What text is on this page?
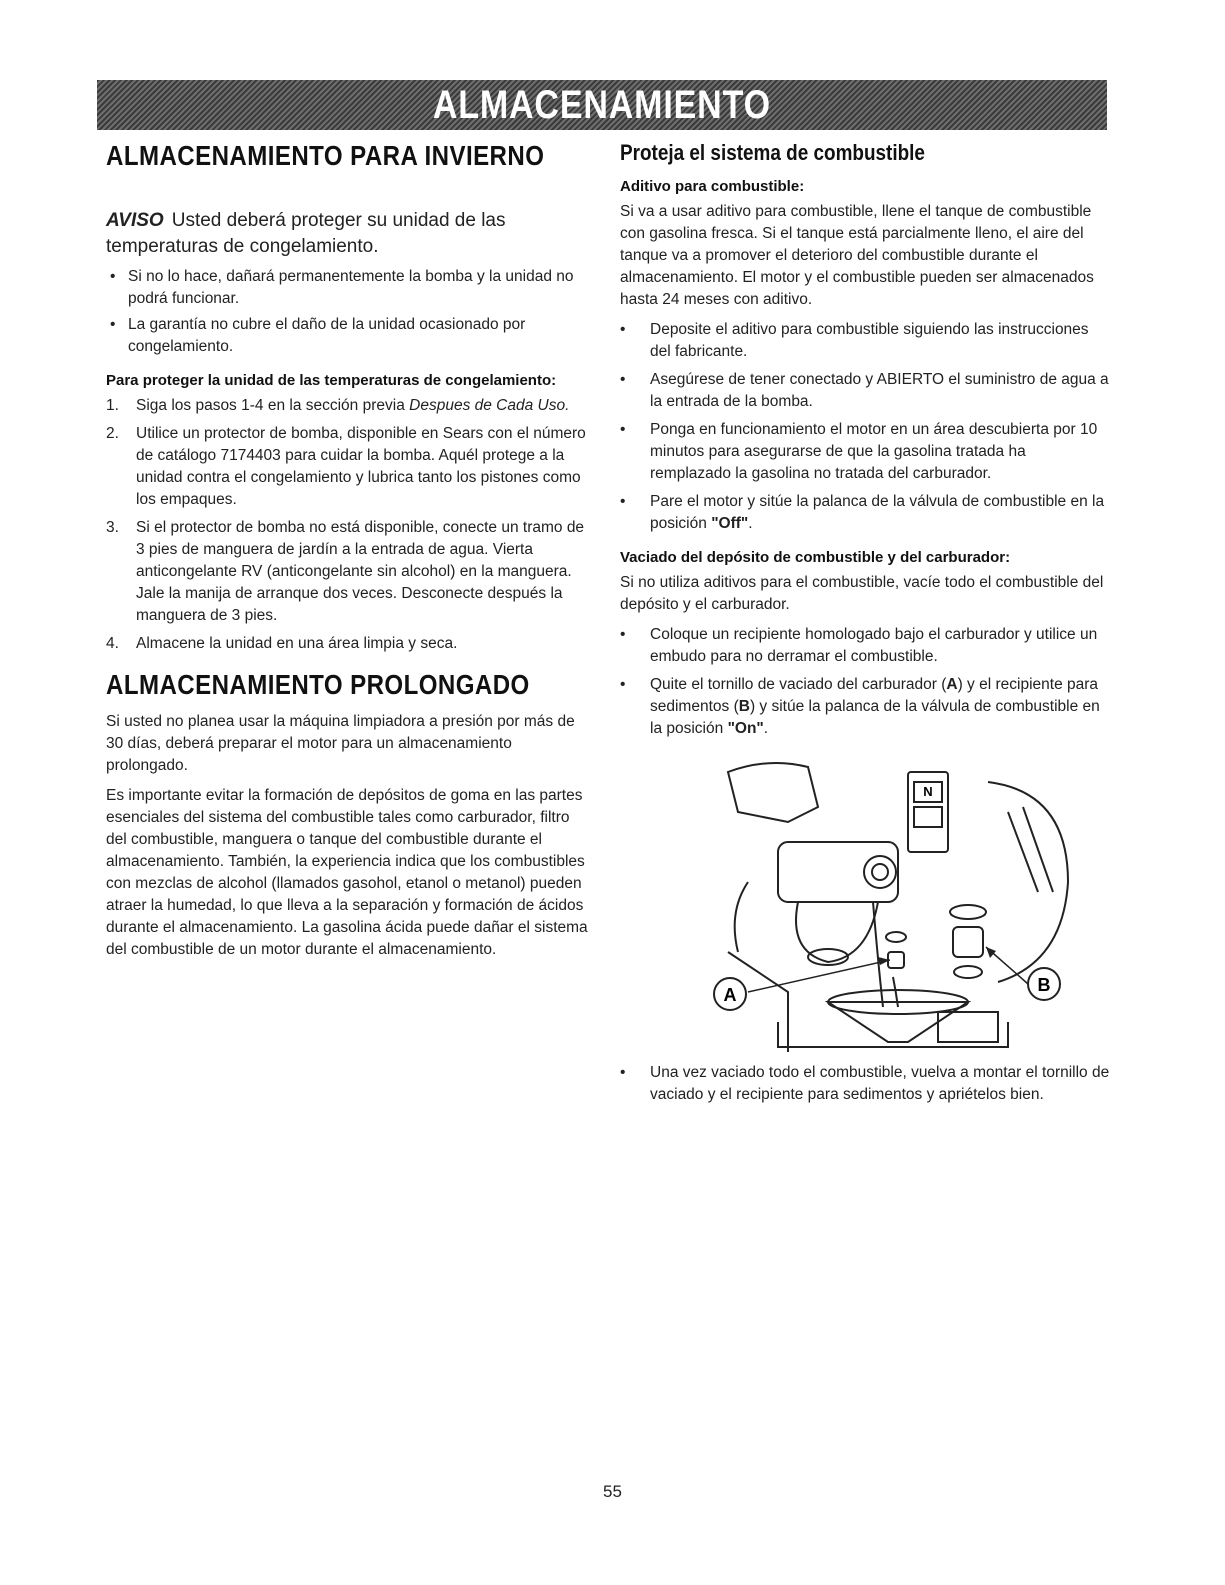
ALMACENAMIENTO
ALMACENAMIENTO PARA INVIERNO

AVISO Usted deberá proteger su unidad de las temperaturas de congelamiento.

• Si no lo hace, dañará permanentemente la bomba y la unidad no podrá funcionar.
• La garantía no cubre el daño de la unidad ocasionado por congelamiento.
Para proteger la unidad de las temperaturas de congelamiento:
1. Siga los pasos 1-4 en la sección previa Despues de Cada Uso.
2. Utilice un protector de bomba, disponible en Sears con el número de catálogo 7174403 para cuidar la bomba. Aquél protege a la unidad contra el congelamiento y lubrica tanto los pistones como los empaques.
3. Si el protector de bomba no está disponible, conecte un tramo de 3 pies de manguera de jardín a la entrada de agua. Vierta anticongelante RV (anticongelante sin alcohol) en la manguera. Jale la manija de arranque dos veces. Desconecte después la manguera de 3 pies.
4. Almacene la unidad en una área limpia y seca.
ALMACENAMIENTO PROLONGADO

Si usted no planea usar la máquina limpiadora a presión por más de 30 días, deberá preparar el motor para un almacenamiento prolongado.

Es importante evitar la formación de depósitos de goma en las partes esenciales del sistema del combustible tales como carburador, filtro del combustible, manguera o tanque del combustible durante el almacenamiento. También, la experiencia indica que los combustibles con mezclas de alcohol (llamados gasohol, etanol o metanol) pueden atraer la humedad, lo que lleva a la separación y formación de ácidos durante el almacenamiento. La gasolina ácida puede dañar el sistema del combustible de un motor durante el almacenamiento.

Proteja el sistema de combustible
Aditivo para combustible:

Si va a usar aditivo para combustible, llene el tanque de combustible con gasolina fresca. Si el tanque está parcialmente lleno, el aire del tanque va a promover el deterioro del combustible durante el almacenamiento. El motor y el combustible pueden ser almacenados hasta 24 meses con aditivo.

• Deposite el aditivo para combustible siguiendo las instrucciones del fabricante.
• Asegúrese de tener conectado y ABIERTO el suministro de agua a la entrada de la bomba.
• Ponga en funcionamiento el motor en un área descubierta por 10 minutos para asegurarse de que la gasolina tratada ha remplazado la gasolina no tratada del carburador.
• Pare el motor y sitúe la palanca de la válvula de combustible en la posición "Off".
Vaciado del depósito de combustible y del carburador:

Si no utiliza aditivos para el combustible, vacíe todo el combustible del depósito y el carburador.

• Coloque un recipiente homologado bajo el carburador y utilice un embudo para no derramar el combustible.
• Quite el tornillo de vaciado del carburador (A) y el recipiente para sedimentos (B) y sitúe la palanca de la válvula de combustible en la posición "On".
A	B
N
• Una vez vaciado todo el combustible, vuelva a montar el tornillo de vaciado y el recipiente para sedimentos y apriételos bien.
55
